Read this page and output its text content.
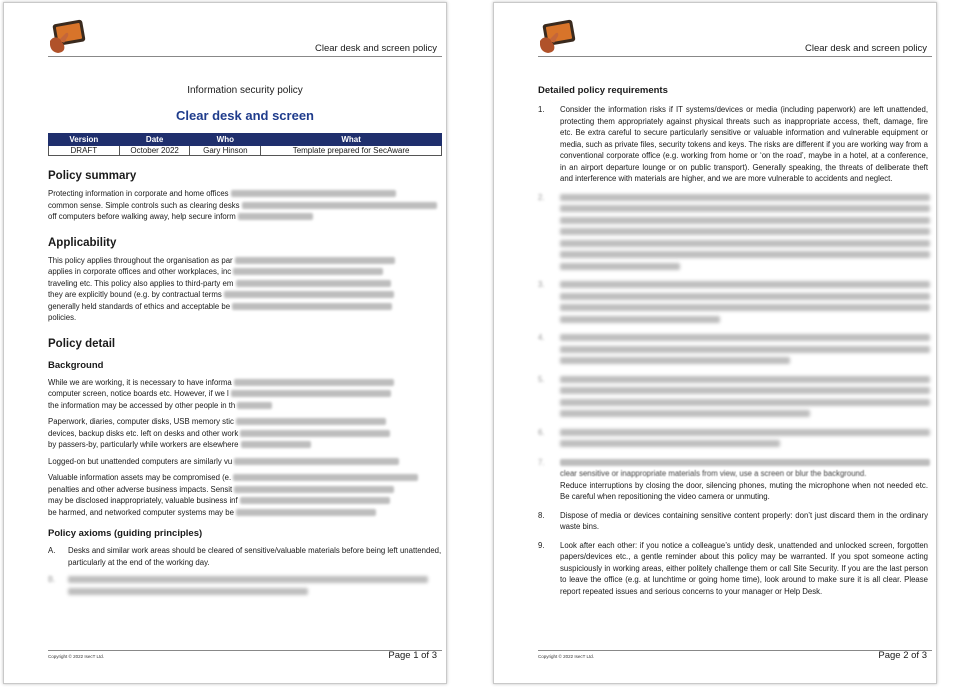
Clear desk and screen policy

Information security policy

Clear desk and screen

Version	Date	Who	What
DRAFT	October 2022	Gary Hinson	Template prepared for SecAware
Policy summary

Protecting information in corporate and home offices
common sense. Simple controls such as clearing desks
off computers before walking away, help secure inform

Applicability

This policy applies throughout the organisation as par
applies in corporate offices and other workplaces, inc
traveling etc. This policy also applies to third-party em
they are explicitly bound (e.g. by contractual terms
generally held standards of ethics and acceptable be
policies.

Policy detail
Background

While we are working, it is necessary to have informa
computer screen, notice boards etc. However, if we l
the information may be accessed by other people in th

Paperwork, diaries, computer disks, USB memory stic
devices, backup disks etc. left on desks and other work
by passers-by, particularly while workers are elsewhere

Logged-on but unattended computers are similarly vu

Valuable information assets may be compromised (e.
penalties and other adverse business impacts. Sensit
may be disclosed inappropriately, valuable business inf
be harmed, and networked computer systems may be

Policy axioms (guiding principles)
A. Desks and similar work areas should be cleared of sensitive/valuable materials before being left unattended, particularly at the end of the working day.
B.

Copyright © 2022 IsecT Ltd.	Page 1 of 3
Clear desk and screen policy
Detailed policy requirements
1. Consider the information risks if IT systems/devices or media (including paperwork) are left unattended, protecting them appropriately against physical threats such as inappropriate access, theft, damage, fire etc. Be extra careful to secure particularly sensitive or valuable information and vulnerable equipment or media, such as private files, security tokens and keys. The risks are different if you are working way from a conventional corporate office (e.g. working from home or ‘on the road’, maybe in a hotel, at a conference, in an airport departure lounge or on public transport). Generally speaking, the threats of deliberate theft and interference with materials are higher, and we are more vulnerable to accidents and neglect.
2.

3.

4.

5.

6.

7.

clear sensitive or inappropriate materials from view, use a screen or blur the background.
Reduce interruptions by closing the door, silencing phones, muting the microphone when not needed etc. Be careful when repositioning the video camera or unmuting.
8. Dispose of media or devices containing sensitive content properly: don’t just discard them in the ordinary waste bins.
9. Look after each other: if you notice a colleague’s untidy desk, unattended and unlocked screen, forgotten papers/devices etc., a gentle reminder about this policy may be warranted. If you spot someone acting suspiciously in working areas, either politely challenge them or call Site Security. If you are the last person to leave the office (e.g. at lunchtime or going home time), look around to make sure it is all clear. Please report repeated issues and serious concerns to your manager or Help Desk.
Copyright © 2022 IsecT Ltd.	Page 2 of 3
